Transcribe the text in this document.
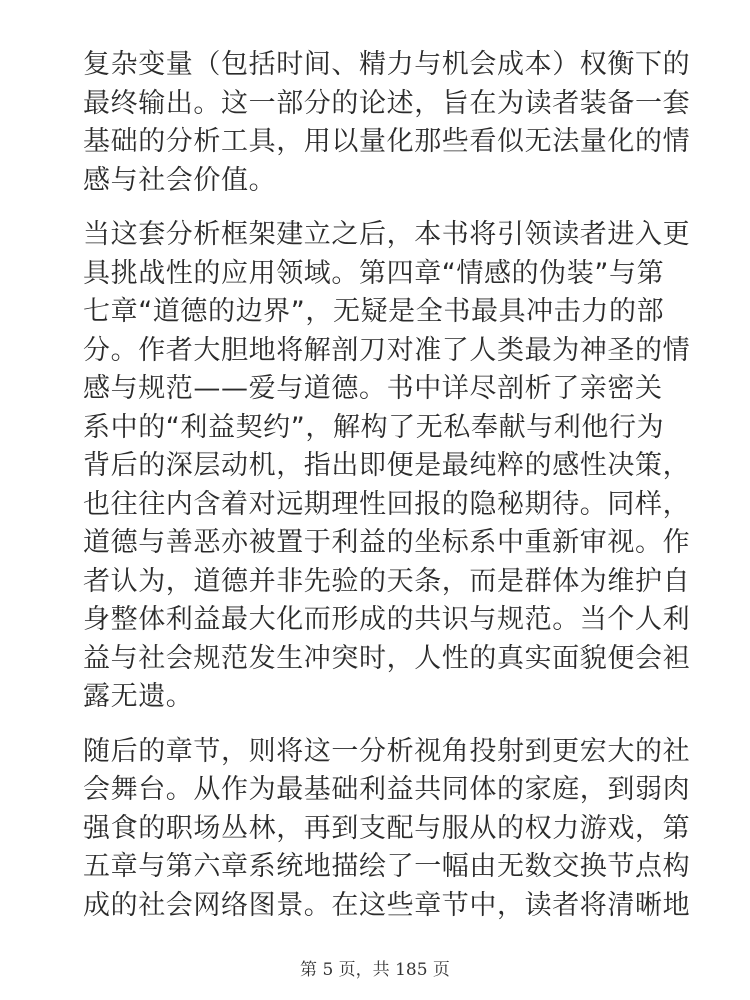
复杂变量（包括时间、精力与机会成本）权衡下的
最终输出。这一部分的论述，旨在为读者装备一套
基础的分析工具，用以量化那些看似无法量化的情
感与社会价值。
当这套分析框架建立之后，本书将引领读者进入更
具挑战性的应用领域。第四章“情感的伪装”与第
七章“道德的边界”，无疑是全书最具冲击力的部
分。作者大胆地将解剖刀对准了人类最为神圣的情
感与规范——爱与道德。书中详尽剖析了亲密关
系中的“利益契约”，解构了无私奉献与利他行为
背后的深层动机，指出即便是最纯粹的感性决策，
也往往内含着对远期理性回报的隐秘期待。同样，
道德与善恶亦被置于利益的坐标系中重新审视。作
者认为，道德并非先验的天条，而是群体为维护自
身整体利益最大化而形成的共识与规范。当个人利
益与社会规范发生冲突时，人性的真实面貌便会袒
露无遗。
随后的章节，则将这一分析视角投射到更宏大的社
会舞台。从作为最基础利益共同体的家庭，到弱肉
强食的职场丛林，再到支配与服从的权力游戏，第
五章与第六章系统地描绘了一幅由无数交换节点构
成的社会网络图景。在这些章节中，读者将清晰地
第 5 页，共 185 页
